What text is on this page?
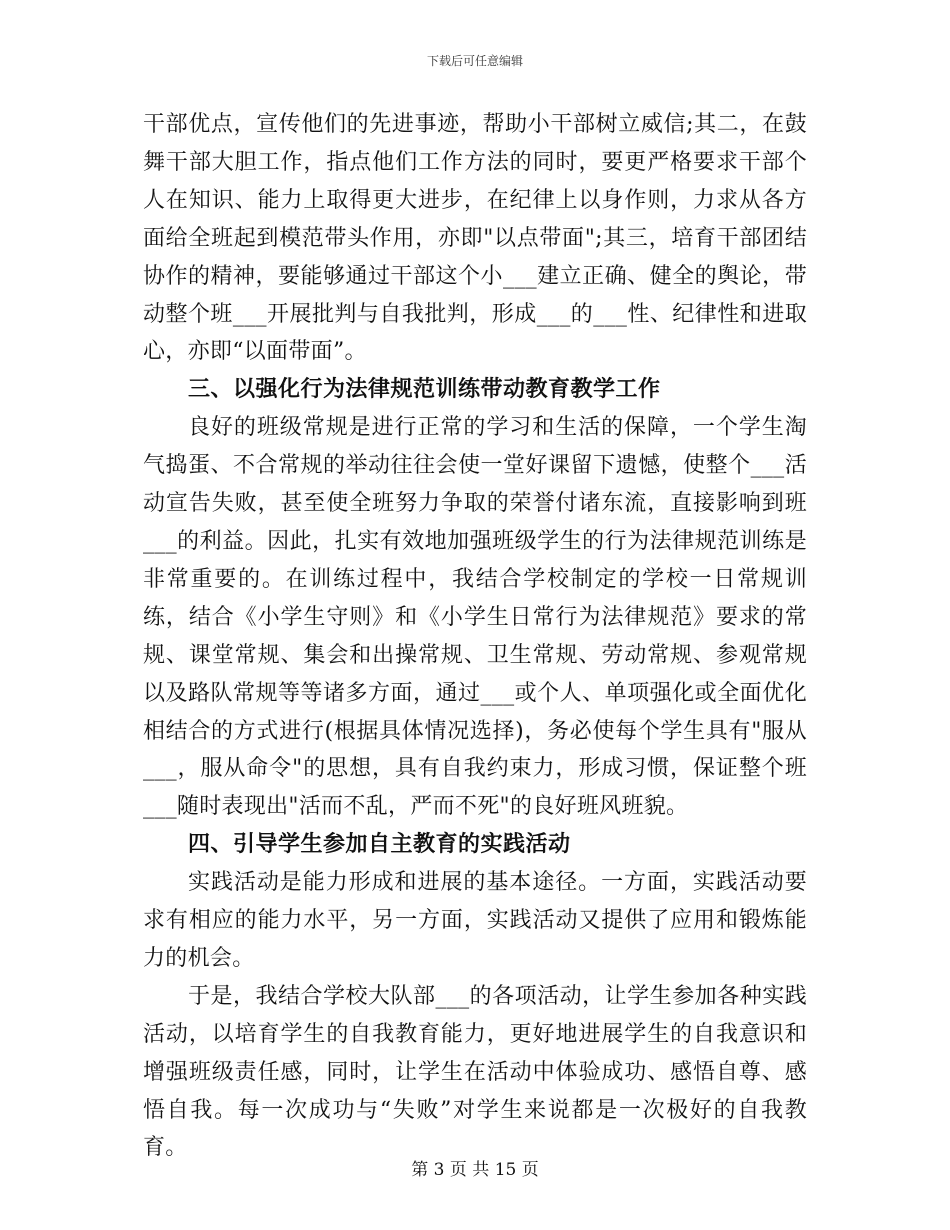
下载后可任意编辑

干部优点，宣传他们的先进事迹，帮助小干部树立威信;其二，在鼓舞干部大胆工作，指点他们工作方法的同时，要更严格要求干部个人在知识、能力上取得更大进步，在纪律上以身作则，力求从各方面给全班起到模范带头作用，亦即"以点带面";其三，培育干部团结协作的精神，要能够通过干部这个小___建立正确、健全的舆论，带动整个班___开展批判与自我批判，形成___的___性、纪律性和进取心，亦即“以面带面”。

三、以强化行为法律规范训练带动教育教学工作

良好的班级常规是进行正常的学习和生活的保障，一个学生淘气捣蛋、不合常规的举动往往会使一堂好课留下遗憾，使整个___活动宣告失败，甚至使全班努力争取的荣誉付诸东流，直接影响到班___的利益。因此，扎实有效地加强班级学生的行为法律规范训练是非常重要的。在训练过程中，我结合学校制定的学校一日常规训练，结合《小学生守则》和《小学生日常行为法律规范》要求的常规、课堂常规、集会和出操常规、卫生常规、劳动常规、参观常规以及路队常规等等诸多方面，通过___或个人、单项强化或全面优化相结合的方式进行(根据具体情况选择)，务必使每个学生具有"服从___，服从命令"的思想，具有自我约束力，形成习惯，保证整个班___随时表现出"活而不乱，严而不死"的良好班风班貌。

四、引导学生参加自主教育的实践活动

实践活动是能力形成和进展的基本途径。一方面，实践活动要求有相应的能力水平，另一方面，实践活动又提供了应用和锻炼能力的机会。

于是，我结合学校大队部___的各项活动，让学生参加各种实践活动，以培育学生的自我教育能力，更好地进展学生的自我意识和增强班级责任感，同时，让学生在活动中体验成功、感悟自尊、感悟自我。每一次成功与“失败”对学生来说都是一次极好的自我教育。

第 3 页 共 15 页
